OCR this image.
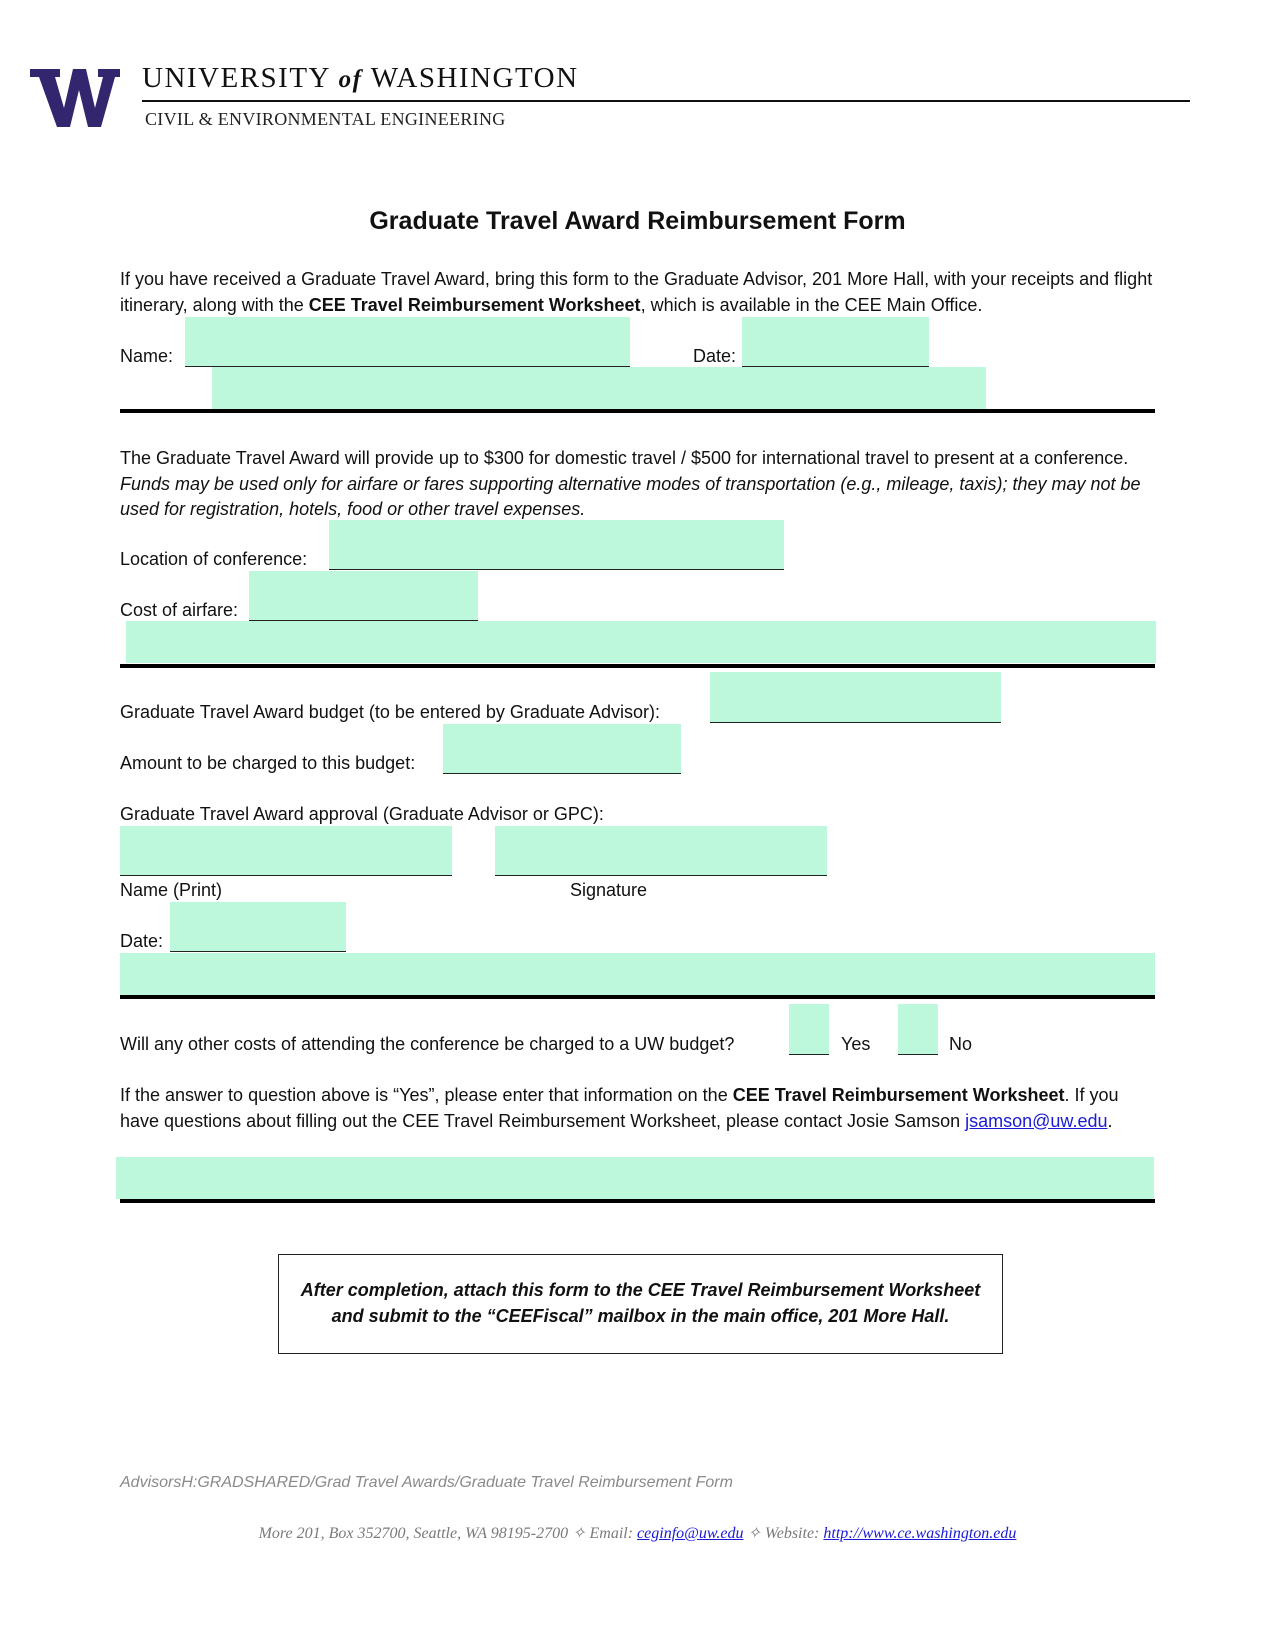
UNIVERSITY of WASHINGTON
CIVIL & ENVIRONMENTAL ENGINEERING
Graduate Travel Award Reimbursement Form
If you have received a Graduate Travel Award, bring this form to the Graduate Advisor, 201 More Hall, with your receipts and flight itinerary, along with the CEE Travel Reimbursement Worksheet, which is available in the CEE Main Office.
Name:	Date:
The Graduate Travel Award will provide up to $300 for domestic travel / $500 for international travel to present at a conference. Funds may be used only for airfare or fares supporting alternative modes of transportation (e.g., mileage, taxis); they may not be used for registration, hotels, food or other travel expenses.
Location of conference:
Cost of airfare:
Graduate Travel Award budget (to be entered by Graduate Advisor):
Amount to be charged to this budget:
Graduate Travel Award approval (Graduate Advisor or GPC):
Name (Print)	Signature
Date:
Will any other costs of attending the conference be charged to a UW budget?	Yes	No
If the answer to question above is “Yes”, please enter that information on the CEE Travel Reimbursement Worksheet. If you have questions about filling out the CEE Travel Reimbursement Worksheet, please contact Josie Samson jsamson@uw.edu.
After completion, attach this form to the CEE Travel Reimbursement Worksheet
and submit to the “CEEFiscal” mailbox in the main office, 201 More Hall.
AdvisorsH:GRADSHARED/Grad Travel Awards/Graduate Travel Reimbursement Form
More 201, Box 352700, Seattle, WA 98195-2700 ✧ Email: ceginfo@uw.edu ✧ Website: http://www.ce.washington.edu
